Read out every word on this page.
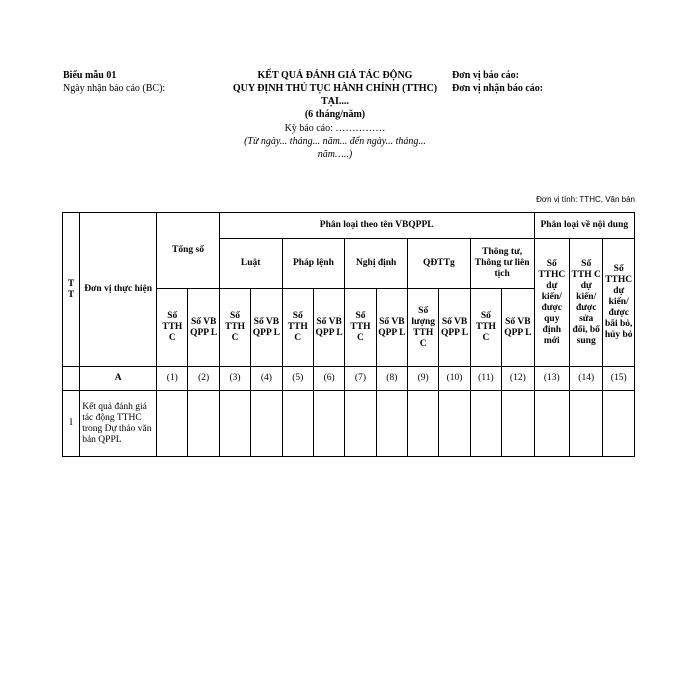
Biểu mẫu 01
Ngày nhận báo cáo (BC):
KẾT QUẢ ĐÁNH GIÁ TÁC ĐỘNG
QUY ĐỊNH THỦ TỤC HÀNH CHÍNH (TTHC)
TẠI....
(6 tháng/năm)
Kỳ báo cáo: ……………
(Từ ngày... tháng... năm... đến ngày... tháng...
năm…..)
Đơn vị báo cáo:
Đơn vị nhận báo cáo:
Đơn vị tính: TTHC, Văn bản
T T	Đơn vị thực hiện	Tổng số		Phân loại theo tên VBQPPL										Phân loại về nội dung		
				Luật		Pháp lệnh		Nghị định		QĐTTg		Thông tư, Thông tư liên tịch		Số TTHC dự kiến/ được quy định mới	Số TTH C dự kiến/ được sửa đổi, bổ sung	Số TTHC dự kiến/ được bãi bỏ, hủy bỏ
		Số TTH C	Số VB QPP L	Số TTH C	Số VB QPP L	Số TTH C	Số VB QPP L	Số TTH C	Số VB QPP L	Số lượng TTH C	Số VB QPP L	Số TTH C	Số VB QPP L			
	A	(1)	(2)	(3)	(4)	(5)	(6)	(7)	(8)	(9)	(10)	(11)	(12)	(13)	(14)	(15)
I	Kết quả đánh giá tác động TTHC trong Dự thảo văn bản QPPL															
